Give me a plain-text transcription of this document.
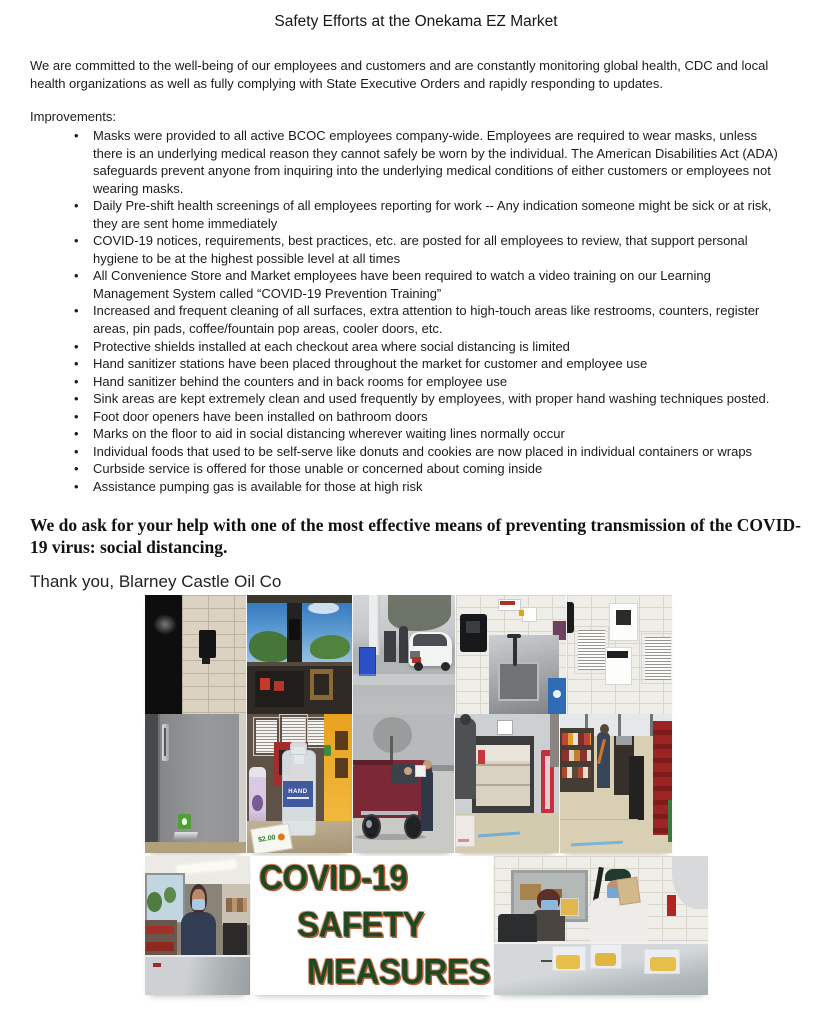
Safety Efforts at the Onekama EZ Market
We are committed to the well-being of our employees and customers and are constantly monitoring global health, CDC and local health organizations as well as fully complying with State Executive Orders and rapidly responding to updates.
Improvements:
• Masks were provided to all active BCOC employees company-wide. Employees are required to wear masks, unless there is an underlying medical reason they cannot safely be worn by the individual. The American Disabilities Act (ADA) safeguards prevent anyone from inquiring into the underlying medical conditions of either customers or employees not wearing masks.
• Daily Pre-shift health screenings of all employees reporting for work -- Any indication someone might be sick or at risk, they are sent home immediately
• COVID-19 notices, requirements, best practices, etc. are posted for all employees to review, that support personal hygiene to be at the highest possible level at all times
• All Convenience Store and Market employees have been required to watch a video training on our Learning Management System called “COVID-19 Prevention Training”
• Increased and frequent cleaning of all surfaces, extra attention to high-touch areas like restrooms, counters, register areas, pin pads, coffee/fountain pop areas, cooler doors, etc.
• Protective shields installed at each checkout area where social distancing is limited
• Hand sanitizer stations have been placed throughout the market for customer and employee use
• Hand sanitizer behind the counters and in back rooms for employee use
• Sink areas are kept extremely clean and used frequently by employees, with proper hand washing techniques posted.
• Foot door openers have been installed on bathroom doors
• Marks on the floor to aid in social distancing wherever waiting lines normally occur
• Individual foods that used to be self-serve like donuts and cookies are now placed in individual containers or wraps
• Curbside service is offered for those unable or concerned about coming inside
• Assistance pumping gas is available for those at high risk
We do ask for your help with one of the most effective means of preventing transmission of the COVID-
19 virus: social distancing.
Thank you, Blarney Castle Oil Co
HAND
$2.00
COVID-19
SAFETY
MEASURES
